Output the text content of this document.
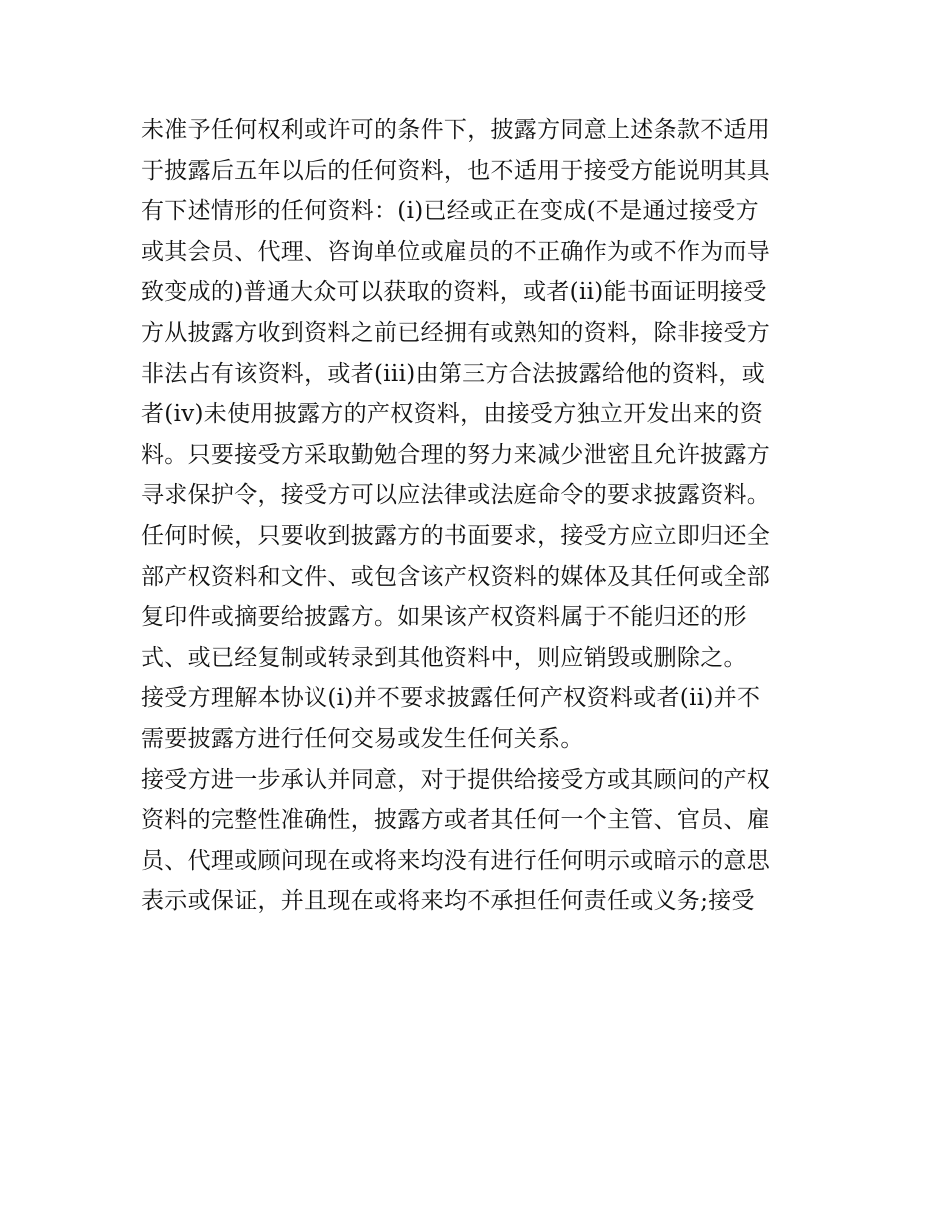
未准予任何权利或许可的条件下，披露方同意上述条款不适用
于披露后五年以后的任何资料，也不适用于接受方能说明其具
有下述情形的任何资料：(i)已经或正在变成(不是通过接受方
或其会员、代理、咨询单位或雇员的不正确作为或不作为而导
致变成的)普通大众可以获取的资料，或者(ii)能书面证明接受
方从披露方收到资料之前已经拥有或熟知的资料，除非接受方
非法占有该资料，或者(iii)由第三方合法披露给他的资料，或
者(iv)未使用披露方的产权资料，由接受方独立开发出来的资
料。只要接受方采取勤勉合理的努力来减少泄密且允许披露方
寻求保护令，接受方可以应法律或法庭命令的要求披露资料。
任何时候，只要收到披露方的书面要求，接受方应立即归还全
部产权资料和文件、或包含该产权资料的媒体及其任何或全部
复印件或摘要给披露方。如果该产权资料属于不能归还的形
式、或已经复制或转录到其他资料中，则应销毁或删除之。
接受方理解本协议(i)并不要求披露任何产权资料或者(ii)并不
需要披露方进行任何交易或发生任何关系。
接受方进一步承认并同意，对于提供给接受方或其顾问的产权
资料的完整性准确性，披露方或者其任何一个主管、官员、雇
员、代理或顾问现在或将来均没有进行任何明示或暗示的意思
表示或保证，并且现在或将来均不承担任何责任或义务;接受
